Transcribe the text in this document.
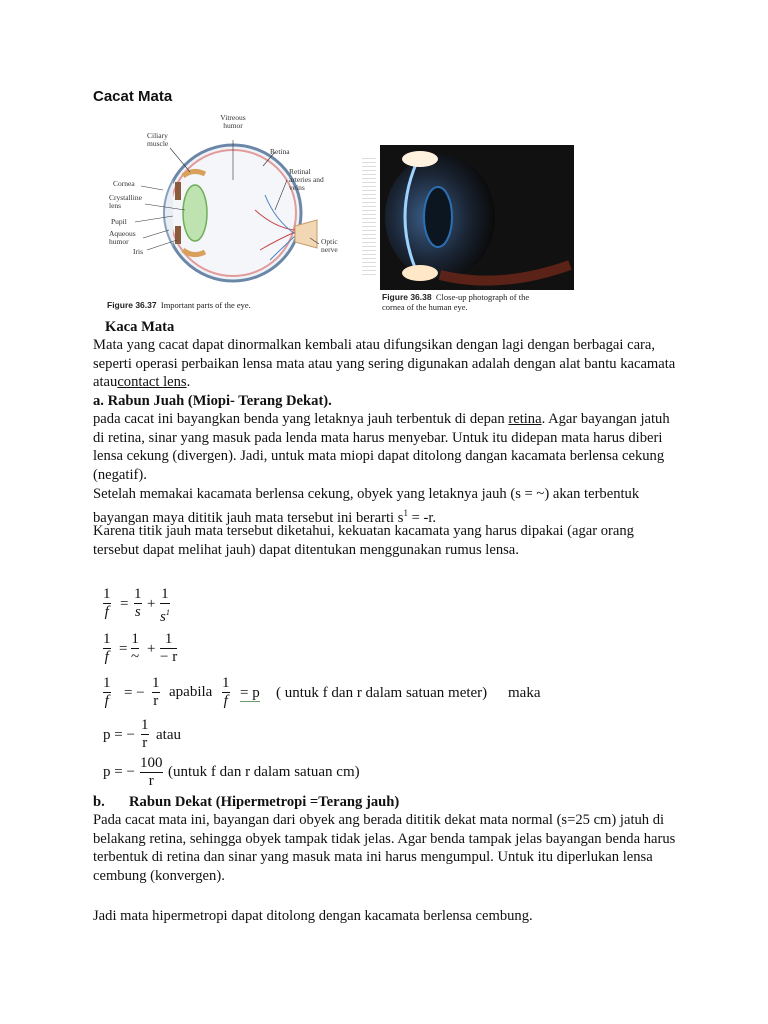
Cacat Mata
Vitreous humor
Ciliary muscle
Retina
Retinal arteries and veins
Cornea
Crystalline lens
Pupil
Aqueous humor
Iris
Optic nerve
Figure 36.37 Important parts of the eye.
Figure 36.38 Close-up photograph of the cornea of the human eye.
Kaca Mata
Mata yang cacat dapat dinormalkan kembali atau difungsikan dengan lagi dengan berbagai cara, seperti operasi perbaikan lensa mata atau yang sering digunakan adalah dengan alat bantu kacamata ataucontact lens.
a. Rabun Juah (Miopi- Terang Dekat).
pada cacat ini bayangkan benda yang letaknya jauh terbentuk di depan retina. Agar bayangan jatuh di retina, sinar yang masuk pada lenda mata harus menyebar. Untuk itu didepan mata harus diberi lensa cekung (divergen). Jadi, untuk mata miopi dapat ditolong dangan kacamata berlensa cekung (negatif).
Setelah memakai kacamata berlensa cekung, obyek yang letaknya jauh (s = ~) akan terbentuk bayangan maya dititik jauh mata tersebut ini berarti $s^1 = -r$.
Karena titik jauh mata tersebut diketahui, kekuatan kacamata yang harus dipakai (agar orang tersebut dapat melihat jauh) dapat ditentukan menggunakan rumus lensa.
1
f =
1
s +
1
$s^1$
1
f =
1
~ +
1
− r
1
f = −
1
r
apabila
1
f = p ( untuk f dan r dalam satuan meter) maka
p = −
1
r atau
p = −
100
r
(untuk f dan r dalam satuan cm)
b. Rabun Dekat (Hipermetropi =Terang jauh)
Pada cacat mata ini, bayangan dari obyek ang berada dititik dekat mata normal (s=25 cm) jatuh di belakang retina, sehingga obyek tampak tidak jelas. Agar benda tampak jelas bayangan benda harus terbentuk di retina dan sinar yang masuk mata ini harus mengumpul. Untuk itu diperlukan lensa cembung (konvergen).
Jadi mata hipermetropi dapat ditolong dengan kacamata berlensa cembung.
